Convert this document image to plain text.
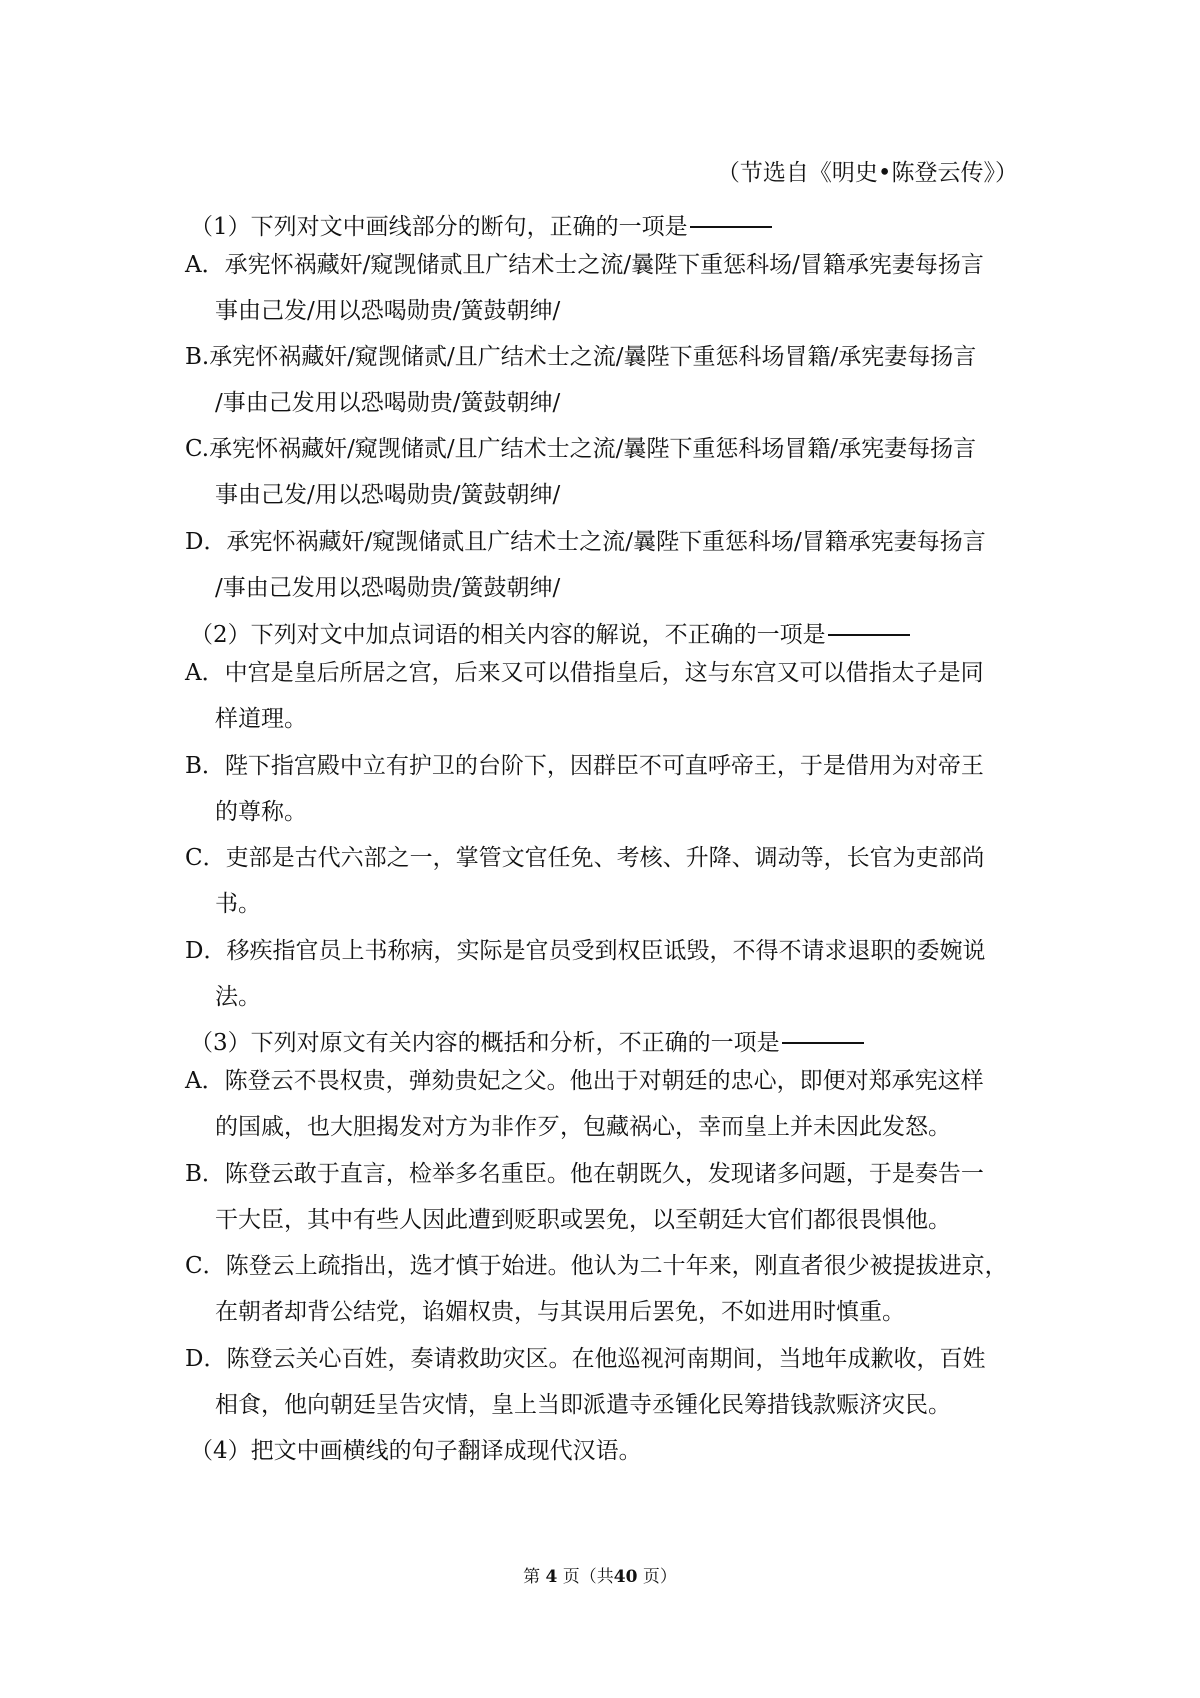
（节选自《明史•陈登云传》）
（1）下列对文中画线部分的断句，正确的一项是
A．承宪怀祸藏奸/窥觊储贰且广结术士之流/曩陛下重惩科场/冒籍承宪妻每扬言
事由己发/用以恐喝勋贵/簧鼓朝绅/
B.承宪怀祸藏奸/窥觊储贰/且广结术士之流/曩陛下重惩科场冒籍/承宪妻每扬言
/事由己发用以恐喝勋贵/簧鼓朝绅/
C.承宪怀祸藏奸/窥觊储贰/且广结术士之流/曩陛下重惩科场冒籍/承宪妻每扬言
事由己发/用以恐喝勋贵/簧鼓朝绅/
D．承宪怀祸藏奸/窥觊储贰且广结术士之流/曩陛下重惩科场/冒籍承宪妻每扬言
/事由己发用以恐喝勋贵/簧鼓朝绅/
（2）下列对文中加点词语的相关内容的解说，不正确的一项是
A．中宫是皇后所居之宫，后来又可以借指皇后，这与东宫又可以借指太子是同
样道理。
B．陛下指宫殿中立有护卫的台阶下，因群臣不可直呼帝王，于是借用为对帝王
的尊称。
C．吏部是古代六部之一，掌管文官任免、考核、升降、调动等，长官为吏部尚
书。
D．移疾指官员上书称病，实际是官员受到权臣诋毁，不得不请求退职的委婉说
法。
（3）下列对原文有关内容的概括和分析，不正确的一项是
A．陈登云不畏权贵，弹劾贵妃之父。他出于对朝廷的忠心，即便对郑承宪这样
的国戚，也大胆揭发对方为非作歹，包藏祸心，幸而皇上并未因此发怒。
B．陈登云敢于直言，检举多名重臣。他在朝既久，发现诸多问题，于是奏告一
干大臣，其中有些人因此遭到贬职或罢免，以至朝廷大官们都很畏惧他。
C．陈登云上疏指出，选才慎于始进。他认为二十年来，刚直者很少被提拔进京，
在朝者却背公结党，谄媚权贵，与其误用后罢免，不如进用时慎重。
D．陈登云关心百姓，奏请救助灾区。在他巡视河南期间，当地年成歉收，百姓
相食，他向朝廷呈告灾情，皇上当即派遣寺丞锺化民筹措钱款赈济灾民。
（4）把文中画横线的句子翻译成现代汉语。
第 4 页（共40 页）
